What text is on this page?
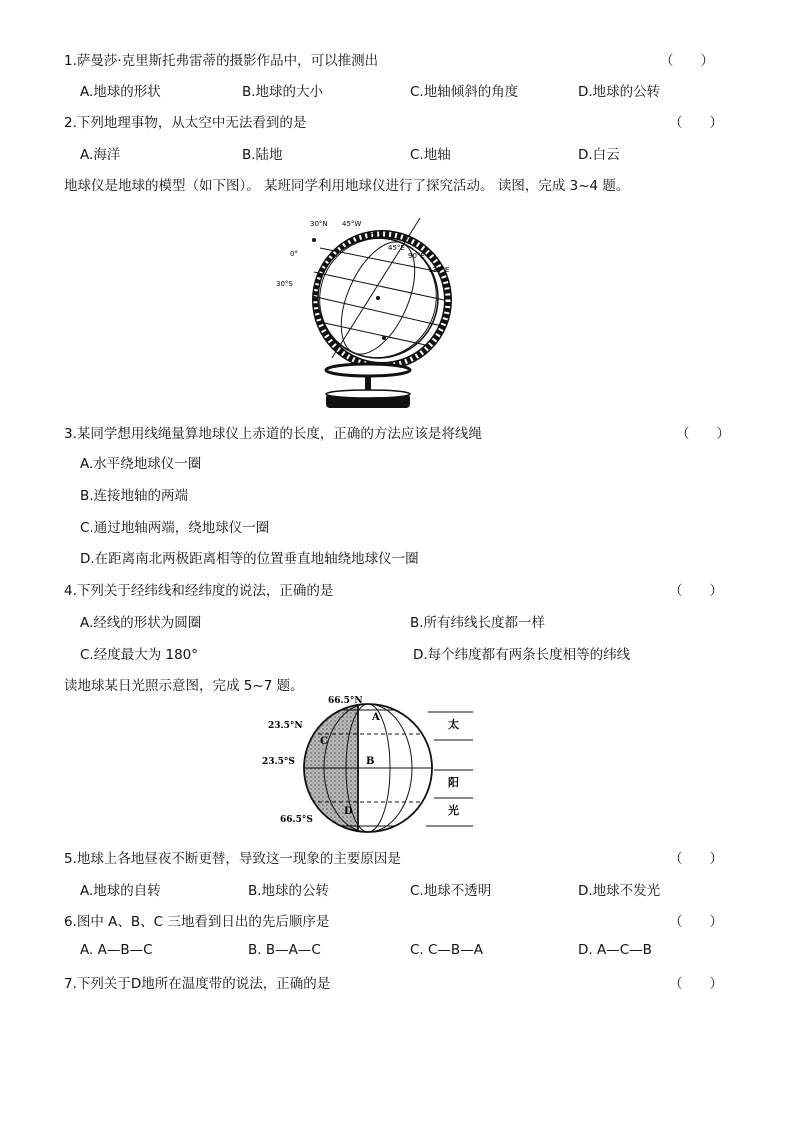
1.萨曼莎·克里斯托弗雷蒂的摄影作品中，可以推测出	（　　）
A.地球的形状	B.地球的大小	C.地轴倾斜的角度	D.地球的公转
2.下列地理事物，从太空中无法看到的是	（　　）
A.海洋	B.陆地	C.地轴	D.白云
地球仪是地球的模型（如下图）。 某班同学利用地球仪进行了探究活动。 读图，完成 3~4 题。
30°N 45°W
0°
45°E
90°E
135°E
0°
30°S
3.某同学想用线绳量算地球仪上赤道的长度，正确的方法应该是将线绳	（　　）
A.水平绕地球仪一圈
B.连接地轴的两端
C.通过地轴两端，绕地球仪一圈
D.在距离南北两极距离相等的位置垂直地轴绕地球仪一圈
4.下列关于经纬线和经纬度的说法，正确的是	（　　）
A.经线的形状为圆圈	B.所有纬线长度都一样
C.经度最大为 180°	D.每个纬度都有两条长度相等的纬线
读地球某日光照示意图，完成 5~7 题。
66.5°N
23.5°N
23.5°S
66.5°S
A
B
C
D
太
阳
光
5.地球上各地昼夜不断更替，导致这一现象的主要原因是	（　　）
A.地球的自转	B.地球的公转	C.地球不透明	D.地球不发光
6.图中 A、B、C 三地看到日出的先后顺序是	（　　）
A. A—B—C	B. B—A—C	C. C—B—A	D. A—C—B
7.下列关于D地所在温度带的说法，正确的是	（　　）
